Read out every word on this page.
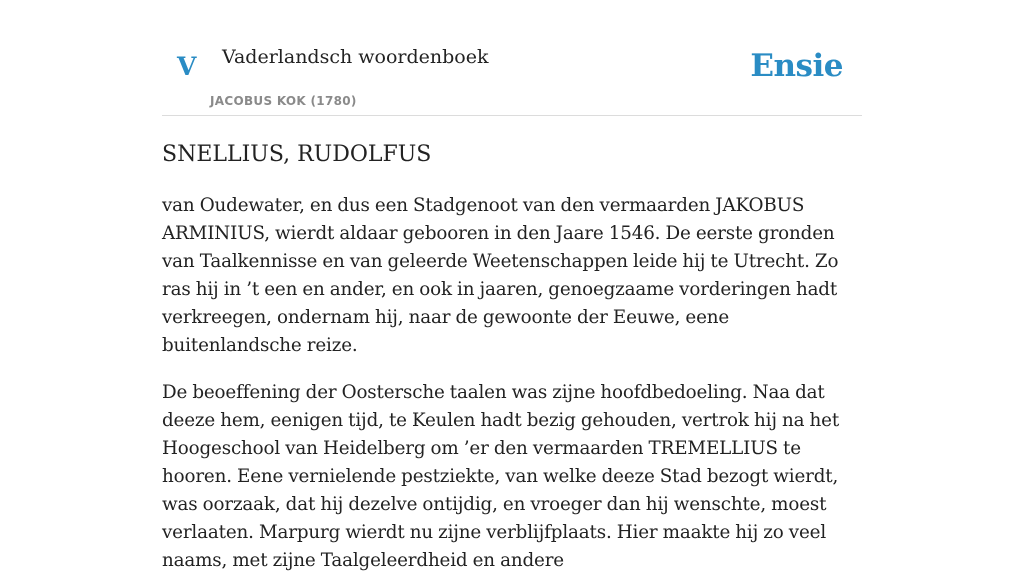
V Vaderlandsch woordenboek
JACOBUS KOK (1780)
Ensie
SNELLIUS, RUDOLFUS

van Oudewater, en dus een Stadgenoot van den vermaarden JAKOBUS ARMINIUS, wierdt aldaar gebooren in den Jaare 1546. De eerste gronden van Taalkennisse en van geleerde Weetenschappen leide hij te Utrecht. Zo ras hij in ’t een en ander, en ook in jaaren, genoegzaame vorderingen hadt verkreegen, ondernam hij, naar de gewoonte der Eeuwe, eene buitenlandsche reize.

De beoeffening der Oostersche taalen was zijne hoofdbedoeling. Naa dat deeze hem, eenigen tijd, te Keulen hadt bezig gehouden, vertrok hij na het Hoogeschool van Heidelberg om ’er den vermaarden TREMELLIUS te hooren. Eene vernielende pestziekte, van welke deeze Stad bezogt wierdt, was oorzaak, dat hij dezelve ontijdig, en vroeger dan hij wenschte, moest verlaaten. Marpurg wierdt nu zijne verblijfplaats. Hier maakte hij zo veel naams, met zijne Taalgeleerdheid en andere
